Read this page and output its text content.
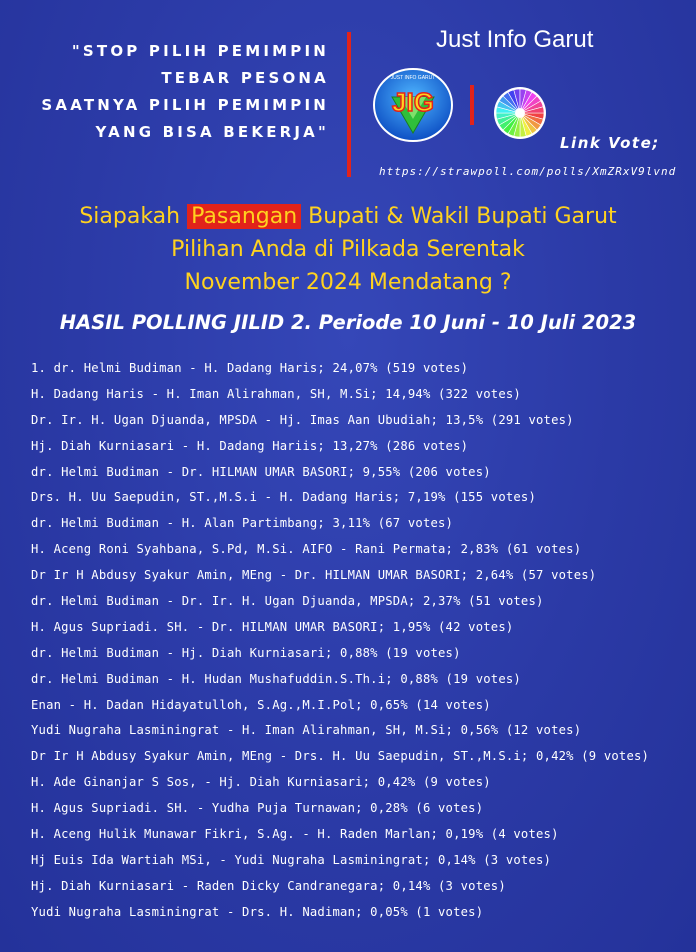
"STOP PILIH PEMIMPIN
TEBAR PESONA
SAATNYA PILIH PEMIMPIN
YANG BISA BEKERJA"
Just Info Garut
JUST INFO GARUT
JIG
Link Vote;
https://strawpoll.com/polls/XmZRxV9lvnd
Siapakah Pasangan Bupati & Wakil Bupati Garut
Pilihan Anda di Pilkada Serentak
November 2024 Mendatang ?
HASIL POLLING JILID 2. Periode 10 Juni - 10 Juli 2023
1. dr. Helmi Budiman - H. Dadang Haris; 24,07% (519 votes)
H. Dadang Haris - H. Iman Alirahman, SH, M.Si; 14,94% (322 votes)
Dr. Ir. H. Ugan Djuanda, MPSDA - Hj. Imas Aan Ubudiah; 13,5% (291 votes)
Hj. Diah Kurniasari - H. Dadang Hariis; 13,27% (286 votes)
dr. Helmi Budiman - Dr. HILMAN UMAR BASORI; 9,55% (206 votes)
Drs. H. Uu Saepudin, ST.,M.S.i - H. Dadang Haris; 7,19% (155 votes)
dr. Helmi Budiman - H. Alan Partimbang; 3,11% (67 votes)
H. Aceng Roni Syahbana, S.Pd, M.Si. AIFO - Rani Permata; 2,83% (61 votes)
Dr Ir H Abdusy Syakur Amin, MEng - Dr. HILMAN UMAR BASORI; 2,64% (57 votes)
dr. Helmi Budiman - Dr. Ir. H. Ugan Djuanda, MPSDA; 2,37% (51 votes)
H. Agus Supriadi. SH. - Dr. HILMAN UMAR BASORI; 1,95% (42 votes)
dr. Helmi Budiman - Hj. Diah Kurniasari; 0,88% (19 votes)
dr. Helmi Budiman - H. Hudan Mushafuddin.S.Th.i; 0,88% (19 votes)
Enan - H. Dadan Hidayatulloh, S.Ag.,M.I.Pol; 0,65% (14 votes)
Yudi Nugraha Lasminingrat - H. Iman Alirahman, SH, M.Si; 0,56% (12 votes)
Dr Ir H Abdusy Syakur Amin, MEng - Drs. H. Uu Saepudin, ST.,M.S.i; 0,42% (9 votes)
H. Ade Ginanjar S Sos, - Hj. Diah Kurniasari; 0,42% (9 votes)
H. Agus Supriadi. SH. - Yudha Puja Turnawan; 0,28% (6 votes)
H. Aceng Hulik Munawar Fikri, S.Ag. - H. Raden Marlan; 0,19% (4 votes)
Hj Euis Ida Wartiah MSi, - Yudi Nugraha Lasminingrat; 0,14% (3 votes)
Hj. Diah Kurniasari - Raden Dicky Candranegara; 0,14% (3 votes)
Yudi Nugraha Lasminingrat - Drs. H. Nadiman; 0,05% (1 votes)
